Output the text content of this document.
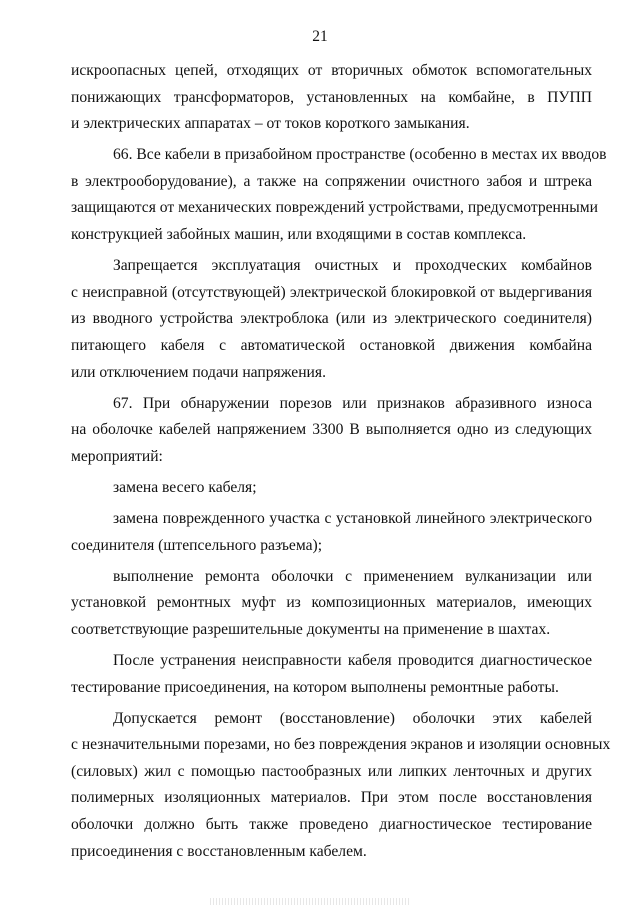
21
искроопасных цепей, отходящих от вторичных обмоток вспомогательных
понижающих трансформаторов, установленных на комбайне, в ПУПП
и электрических аппаратах – от токов короткого замыкания.
66. Все кабели в призабойном пространстве (особенно в местах их вводов
в электрооборудование), а также на сопряжении очистного забоя и штрека
защищаются от механических повреждений устройствами, предусмотренными
конструкцией забойных машин, или входящими в состав комплекса.
Запрещается эксплуатация очистных и проходческих комбайнов
с неисправной (отсутствующей) электрической блокировкой от выдергивания
из вводного устройства электроблока (или из электрического соединителя)
питающего кабеля с автоматической остановкой движения комбайна
или отключением подачи напряжения.
67. При обнаружении порезов или признаков абразивного износа
на оболочке кабелей напряжением 3300 В выполняется одно из следующих
мероприятий:
замена весего кабеля;
замена поврежденного участка с установкой линейного электрического
соединителя (штепсельного разъема);
выполнение ремонта оболочки с применением вулканизации или
установкой ремонтных муфт из композиционных материалов, имеющих
соответствующие разрешительные документы на применение в шахтах.
После устранения неисправности кабеля проводится диагностическое
тестирование присоединения, на котором выполнены ремонтные работы.
Допускается ремонт (восстановление) оболочки этих кабелей
с незначительными порезами, но без повреждения экранов и изоляции основных
(силовых) жил с помощью пастообразных или липких ленточных и других
полимерных изоляционных материалов. При этом после восстановления
оболочки должно быть также проведено диагностическое тестирование
присоединения с восстановленным кабелем.
